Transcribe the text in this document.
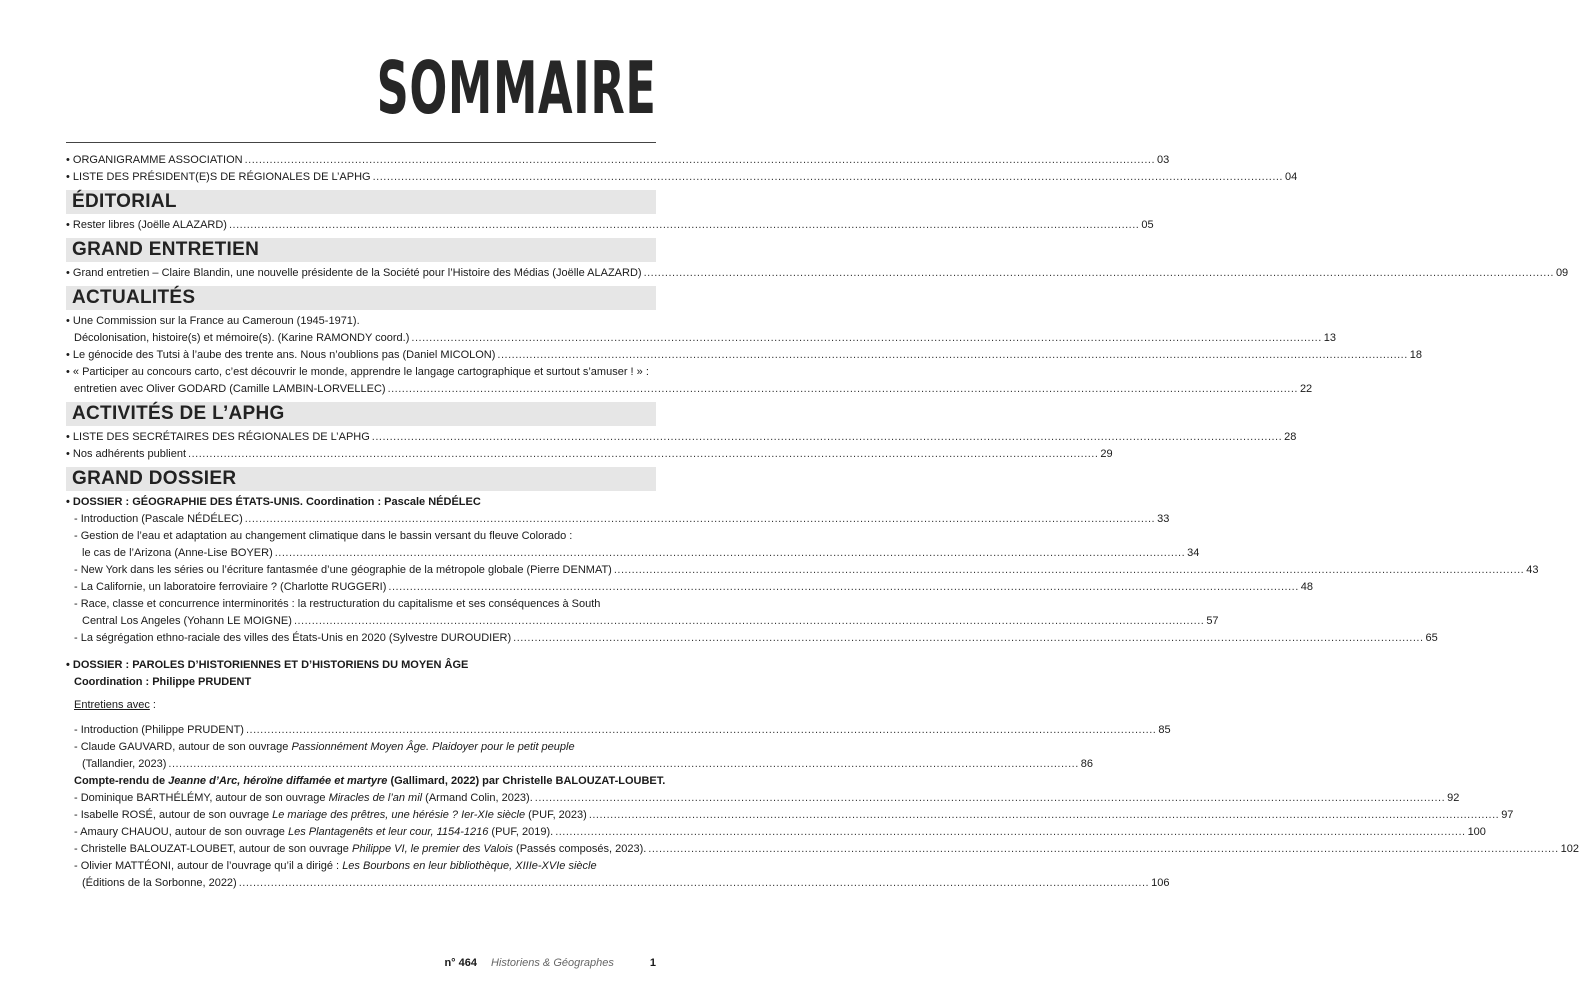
SOMMAIRE
• ORGANIGRAMME ASSOCIATION .....	03
• LISTE DES PRÉSIDENT(E)S DE RÉGIONALES DE L’APHG .....	04
ÉDITORIAL
• Rester libres (Joëlle ALAZARD) .....	05
GRAND ENTRETIEN
• Grand entretien – Claire Blandin, une nouvelle présidente de la Société pour l’Histoire des Médias (Joëlle ALAZARD) .....	09
ACTUALITÉS
• Une Commission sur la France au Cameroun (1945-1971).
Décolonisation, histoire(s) et mémoire(s). (Karine RAMONDY coord.) .....	13
• Le génocide des Tutsi à l’aube des trente ans. Nous n’oublions pas (Daniel MICOLON) .....	18
• « Participer au concours carto, c’est découvrir le monde, apprendre le langage cartographique et surtout s’amuser ! » :
entretien avec Oliver GODARD (Camille LAMBIN-LORVELLEC) .....	22
ACTIVITÉS DE L’APHG
• LISTE DES SECRÉTAIRES DES RÉGIONALES DE L’APHG .....	28
• Nos adhérents publient .....	29
GRAND DOSSIER
• DOSSIER : GÉOGRAPHIE DES ÉTATS-UNIS. Coordination : Pascale NÉDÉLEC
- Introduction (Pascale NÉDÉLEC) .....	33
- Gestion de l’eau et adaptation au changement climatique dans le bassin versant du fleuve Colorado :
le cas de l’Arizona (Anne-Lise BOYER) .....	34
- New York dans les séries ou l’écriture fantasmée d’une géographie de la métropole globale (Pierre DENMAT) .....	43
- La Californie, un laboratoire ferroviaire ? (Charlotte RUGGERI) .....	48
- Race, classe et concurrence interminorités : la restructuration du capitalisme et ses conséquences à South
Central Los Angeles (Yohann LE MOIGNE) .....	57
- La ségrégation ethno-raciale des villes des États-Unis en 2020 (Sylvestre DUROUDIER) .....	65
• DOSSIER : PAROLES D’HISTORIENNES ET D’HISTORIENS DU MOYEN ÂGE
Coordination : Philippe PRUDENT
Entretiens avec :
- Introduction (Philippe PRUDENT) .....	85
- Claude GAUVARD, autour de son ouvrage Passionnément Moyen Âge. Plaidoyer pour le petit peuple
(Tallandier, 2023) .....	86
Compte-rendu de Jeanne d’Arc, héroïne diffamée et martyre (Gallimard, 2022) par Christelle BALOUZAT-LOUBET.
- Dominique BARTHÉLÉMY, autour de son ouvrage Miracles de l’an mil (Armand Colin, 2023). .....	92
- Isabelle ROSÉ, autour de son ouvrage Le mariage des prêtres, une hérésie ? Ier-XIe siècle (PUF, 2023) .....	97
- Amaury CHAUOU, autour de son ouvrage Les Plantagenêts et leur cour, 1154-1216 (PUF, 2019). .....	100
- Christelle BALOUZAT-LOUBET, autour de son ouvrage Philippe VI, le premier des Valois (Passés composés, 2023). .....	102
- Olivier MATTÉONI, autour de l’ouvrage qu’il a dirigé : Les Bourbons en leur bibliothèque, XIIIe-XVIe siècle
(Éditions de la Sorbonne, 2022) .....	106
n° 464 Historiens & Géographes	1
